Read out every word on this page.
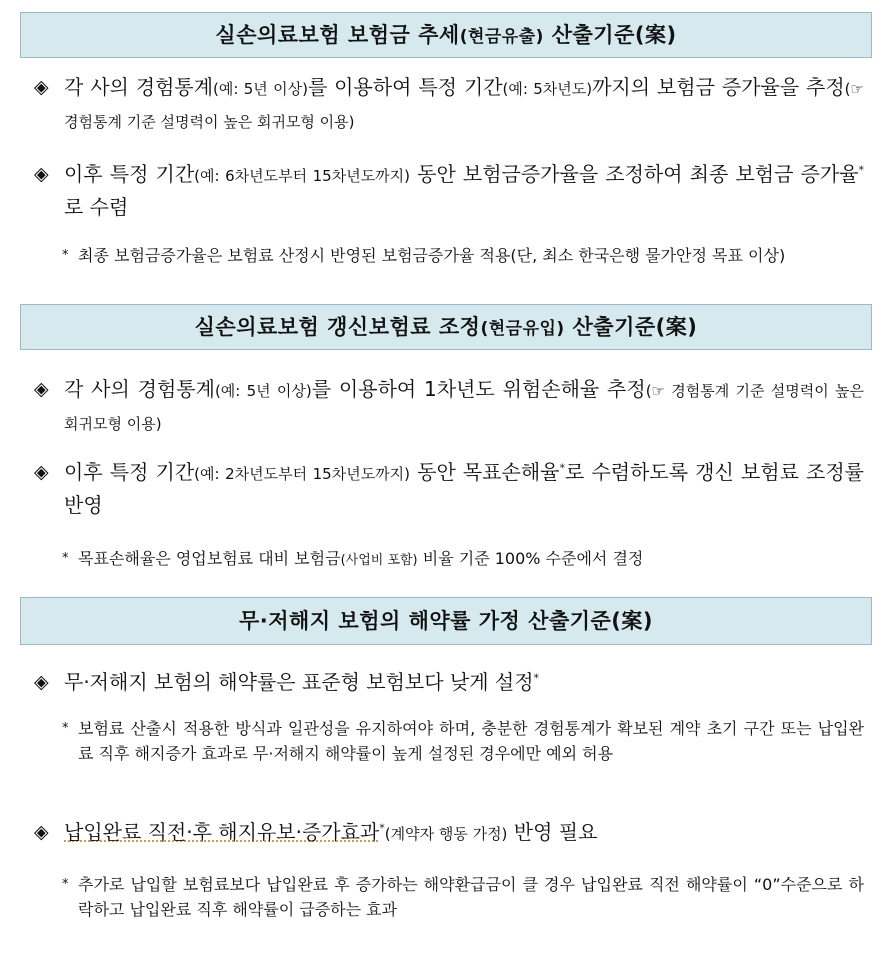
실손의료보험 보험금 추세(현금유출) 산출기준(案)
◈ 각 사의 경험통계(예: 5년 이상)를 이용하여 특정 기간(예: 5차년도)까지의 보험금 증가율을 추정(☞ 경험통계 기준 설명력이 높은 회귀모형 이용)
◈ 이후 특정 기간(예: 6차년도부터 15차년도까지) 동안 보험금증가율을 조정하여 최종 보험금 증가율*로 수렴
* 최종 보험금증가율은 보험료 산정시 반영된 보험금증가율 적용(단, 최소 한국은행 물가안정 목표 이상)
실손의료보험 갱신보험료 조정(현금유입) 산출기준(案)
◈ 각 사의 경험통계(예: 5년 이상)를 이용하여 1차년도 위험손해율 추정(☞ 경험통계 기준 설명력이 높은 회귀모형 이용)
◈ 이후 특정 기간(예: 2차년도부터 15차년도까지) 동안 목표손해율*로 수렴하도록 갱신 보험료 조정률 반영
* 목표손해율은 영업보험료 대비 보험금(사업비 포함) 비율 기준 100% 수준에서 결정
무·저해지 보험의 해약률 가정 산출기준(案)
◈ 무·저해지 보험의 해약률은 표준형 보험보다 낮게 설정*
* 보험료 산출시 적용한 방식과 일관성을 유지하여야 하며, 충분한 경험통계가 확보된 계약 초기 구간 또는 납입완료 직후 해지증가 효과로 무·저해지 해약률이 높게 설정된 경우에만 예외 허용
◈ 납입완료 직전·후 해지유보·증가효과*(계약자 행동 가정) 반영 필요
* 추가로 납입할 보험료보다 납입완료 후 증가하는 해약환급금이 클 경우 납입완료 직전 해약률이 “0”수준으로 하락하고 납입완료 직후 해약률이 급증하는 효과
